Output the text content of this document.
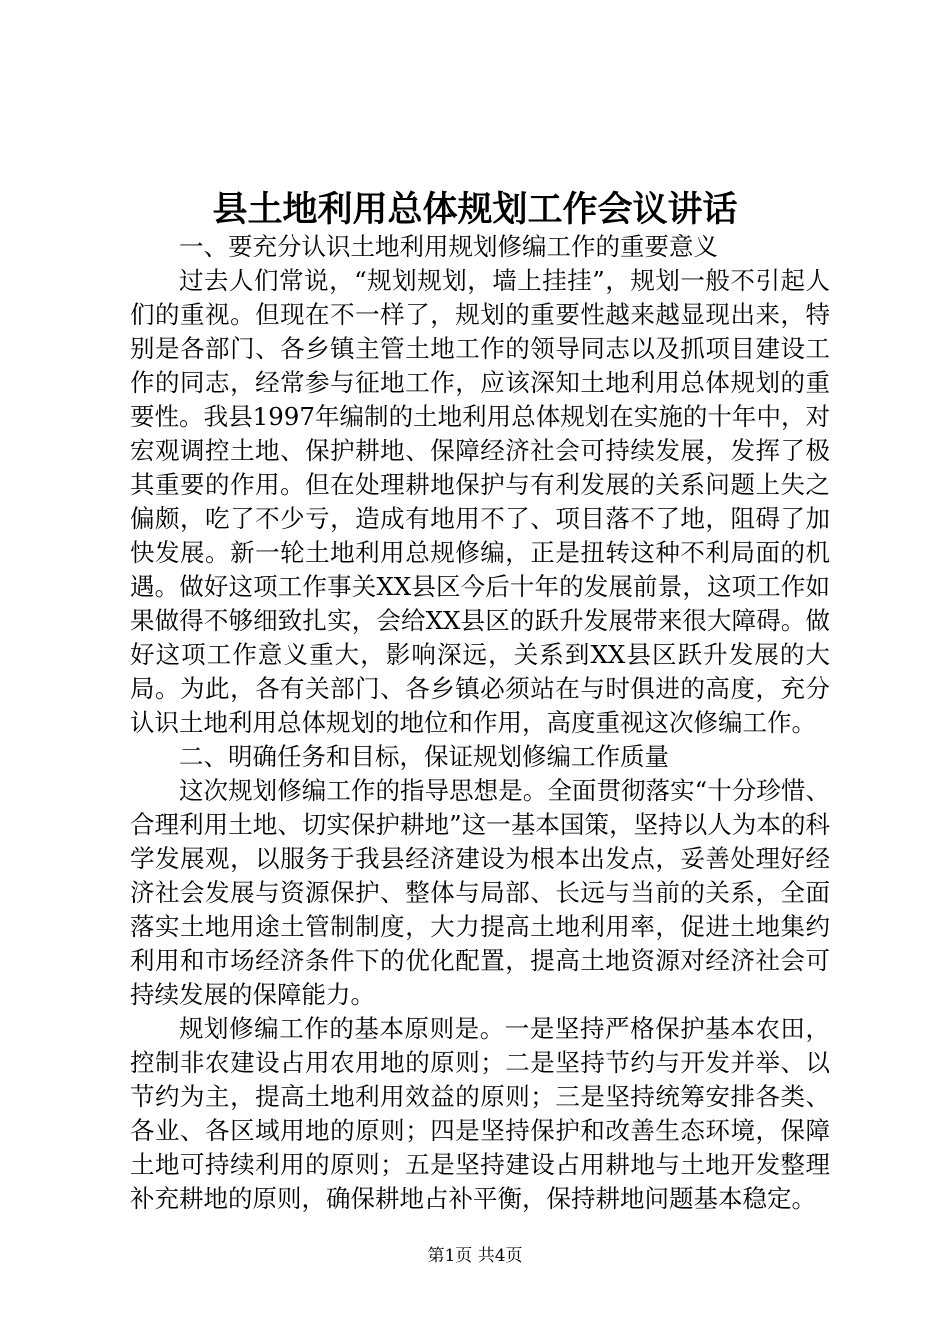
县土地利用总体规划工作会议讲话

一、要充分认识土地利用规划修编工作的重要意义

过去人们常说，“规划规划，墙上挂挂”，规划一般不引起人们的重视。但现在不一样了，规划的重要性越来越显现出来，特别是各部门、各乡镇主管土地工作的领导同志以及抓项目建设工作的同志，经常参与征地工作，应该深知土地利用总体规划的重要性。我县1997年编制的土地利用总体规划在实施的十年中，对宏观调控土地、保护耕地、保障经济社会可持续发展，发挥了极其重要的作用。但在处理耕地保护与有利发展的关系问题上失之偏颇，吃了不少亏，造成有地用不了、项目落不了地，阻碍了加快发展。新一轮土地利用总规修编，正是扭转这种不利局面的机遇。做好这项工作事关XX县区今后十年的发展前景，这项工作如果做得不够细致扎实，会给XX县区的跃升发展带来很大障碍。做好这项工作意义重大，影响深远，关系到XX县区跃升发展的大局。为此，各有关部门、各乡镇必须站在与时俱进的高度，充分认识土地利用总体规划的地位和作用，高度重视这次修编工作。

二、明确任务和目标，保证规划修编工作质量

这次规划修编工作的指导思想是。全面贯彻落实“十分珍惜、合理利用土地、切实保护耕地”这一基本国策，坚持以人为本的科学发展观，以服务于我县经济建设为根本出发点，妥善处理好经济社会发展与资源保护、整体与局部、长远与当前的关系，全面落实土地用途土管制制度，大力提高土地利用率，促进土地集约利用和市场经济条件下的优化配置，提高土地资源对经济社会可持续发展的保障能力。

规划修编工作的基本原则是。一是坚持严格保护基本农田，控制非农建设占用农用地的原则；二是坚持节约与开发并举、以节约为主，提高土地利用效益的原则；三是坚持统筹安排各类、各业、各区域用地的原则；四是坚持保护和改善生态环境，保障土地可持续利用的原则；五是坚持建设占用耕地与土地开发整理补充耕地的原则，确保耕地占补平衡，保持耕地问题基本稳定。

第1页 共4页
